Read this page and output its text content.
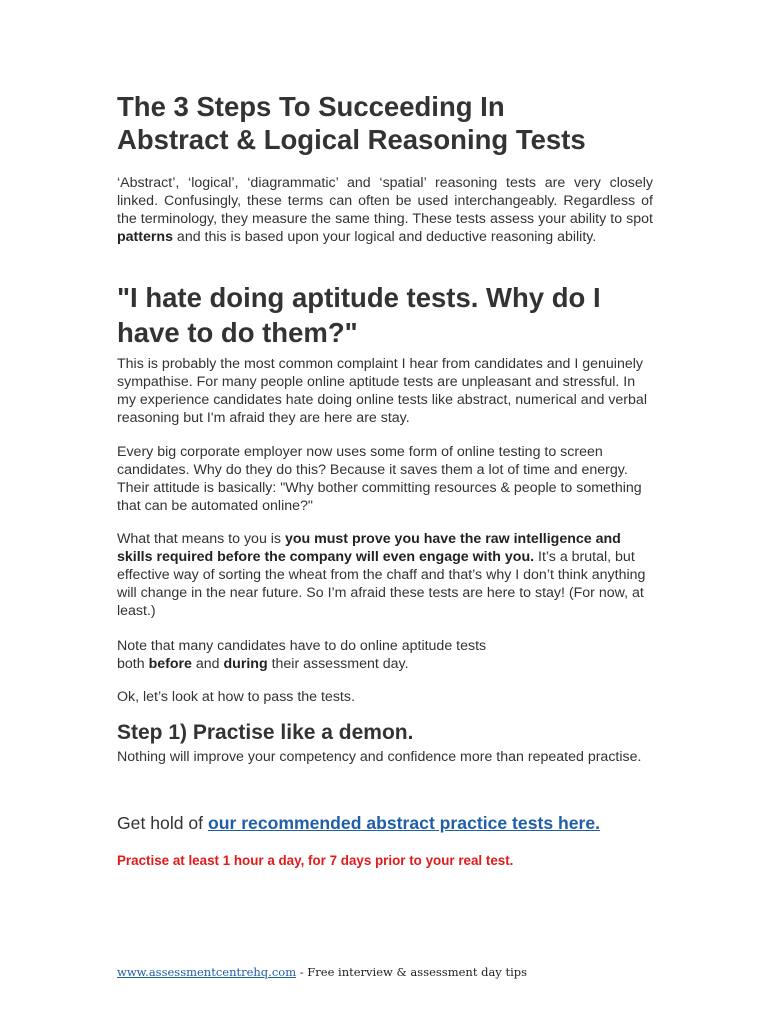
The 3 Steps To Succeeding In
Abstract & Logical Reasoning Tests

‘Abstract’, ‘logical’, ‘diagrammatic’ and ‘spatial’ reasoning tests are very closely linked. Confusingly, these terms can often be used interchangeably. Regardless of the terminology, they measure the same thing. These tests assess your ability to spot patterns and this is based upon your logical and deductive reasoning ability.

"I hate doing aptitude tests. Why do I
have to do them?"

This is probably the most common complaint I hear from candidates and I genuinely sympathise. For many people online aptitude tests are unpleasant and stressful. In my experience candidates hate doing online tests like abstract, numerical and verbal reasoning but I'm afraid they are here are stay.

Every big corporate employer now uses some form of online testing to screen candidates. Why do they do this? Because it saves them a lot of time and energy. Their attitude is basically: "Why bother committing resources & people to something that can be automated online?"

What that means to you is you must prove you have the raw intelligence and skills required before the company will even engage with you. It’s a brutal, but effective way of sorting the wheat from the chaff and that’s why I don’t think anything will change in the near future. So I’m afraid these tests are here to stay! (For now, at least.)

Note that many candidates have to do online aptitude tests
both before and during their assessment day.

Ok, let’s look at how to pass the tests.

Step 1) Practise like a demon.

Nothing will improve your competency and confidence more than repeated practise.

Get hold of our recommended abstract practice tests here.

Practise at least 1 hour a day, for 7 days prior to your real test.

www.assessmentcentrehq.com - Free interview & assessment day tips
